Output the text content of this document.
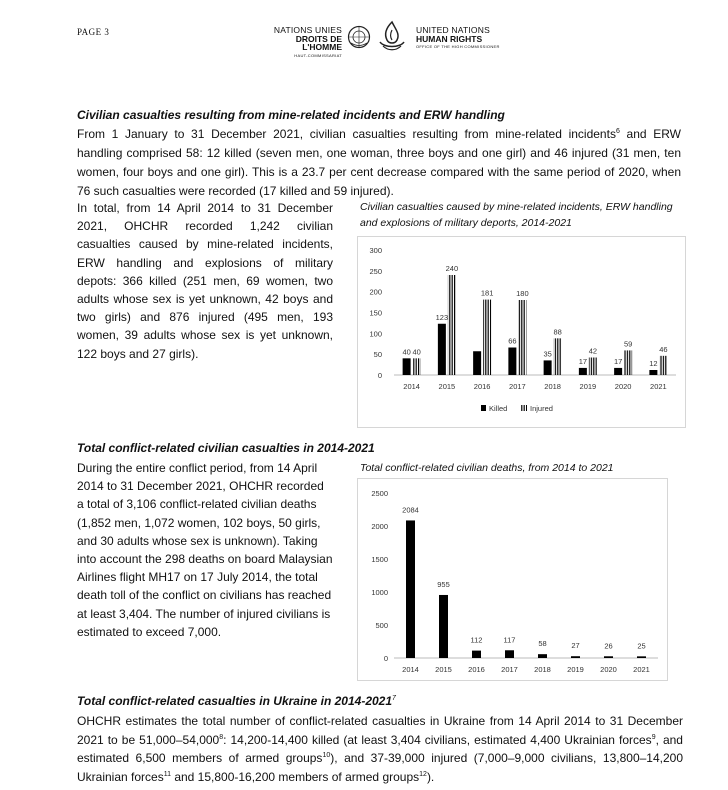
PAGE 3	NATIONS UNIES
DROITS DE L'HOMME
HAUT-COMMISSARIAT
UNITED NATIONS
HUMAN RIGHTS
OFFICE OF THE HIGH COMMISSIONER
Civilian casualties resulting from mine-related incidents and ERW handling

From 1 January to 31 December 2021, civilian casualties resulting from mine-related incidents$^6$ and ERW handling comprised 58: 12 killed (seven men, one woman, three boys and one girl) and 46 injured (31 men, ten women, four boys and one girl). This is a 23.7 per cent decrease compared with the same period of 2020, when 76 such casualties were recorded (17 killed and 59 injured).

In total, from 14 April 2014 to 31 December 2021, OHCHR recorded 1,242 civilian casualties caused by mine-related incidents, ERW handling and explosions of military depots: 366 killed (251 men, 69 women, two adults whose sex is yet unknown, 42 boys and two girls) and 876 injured (495 men, 193 women, 39 adults whose sex is yet unknown, 122 boys and 27 girls).

Civilian casualties caused by mine-related incidents, ERW handling and explosions of military deports, 2014-2021

0
50
100
150
200
250
300
2014
40 40
2015
123
240
2016
181
2017
66
180
2018
35
88
2019
17
42
2020
17
59
2021
12
46
Killed	Injured
Total conflict-related civilian casualties in 2014-2021

During the entire conflict period, from 14 April 2014 to 31 December 2021, OHCHR recorded a total of 3,106 conflict-related civilian deaths (1,852 men, 1,072 women, 102 boys, 50 girls, and 30 adults whose sex is unknown). Taking into account the 298 deaths on board Malaysian Airlines flight MH17 on 17 July 2014, the total death toll of the conflict on civilians has reached at least 3,404. The number of injured civilians is estimated to exceed 7,000.

Total conflict-related civilian deaths, from 2014 to 2021

0
500
1000
1500
2000
2500
2084
2014
955
2015
112
2016
117
2017
58
2018
27
2019
26
2020
25
2021
Total conflict-related casualties in Ukraine in 2014-2021$^7$

OHCHR estimates the total number of conflict-related casualties in Ukraine from 14 April 2014 to 31 December 2021 to be 51,000–54,000$^8$: 14,200-14,400 killed (at least 3,404 civilians, estimated 4,400 Ukrainian forces$^9$, and estimated 6,500 members of armed groups$^{10}$), and 37-39,000 injured (7,000–9,000 civilians, 13,800–14,200 Ukrainian forces$^{11}$ and 15,800-16,200 members of armed groups$^{12}$).
